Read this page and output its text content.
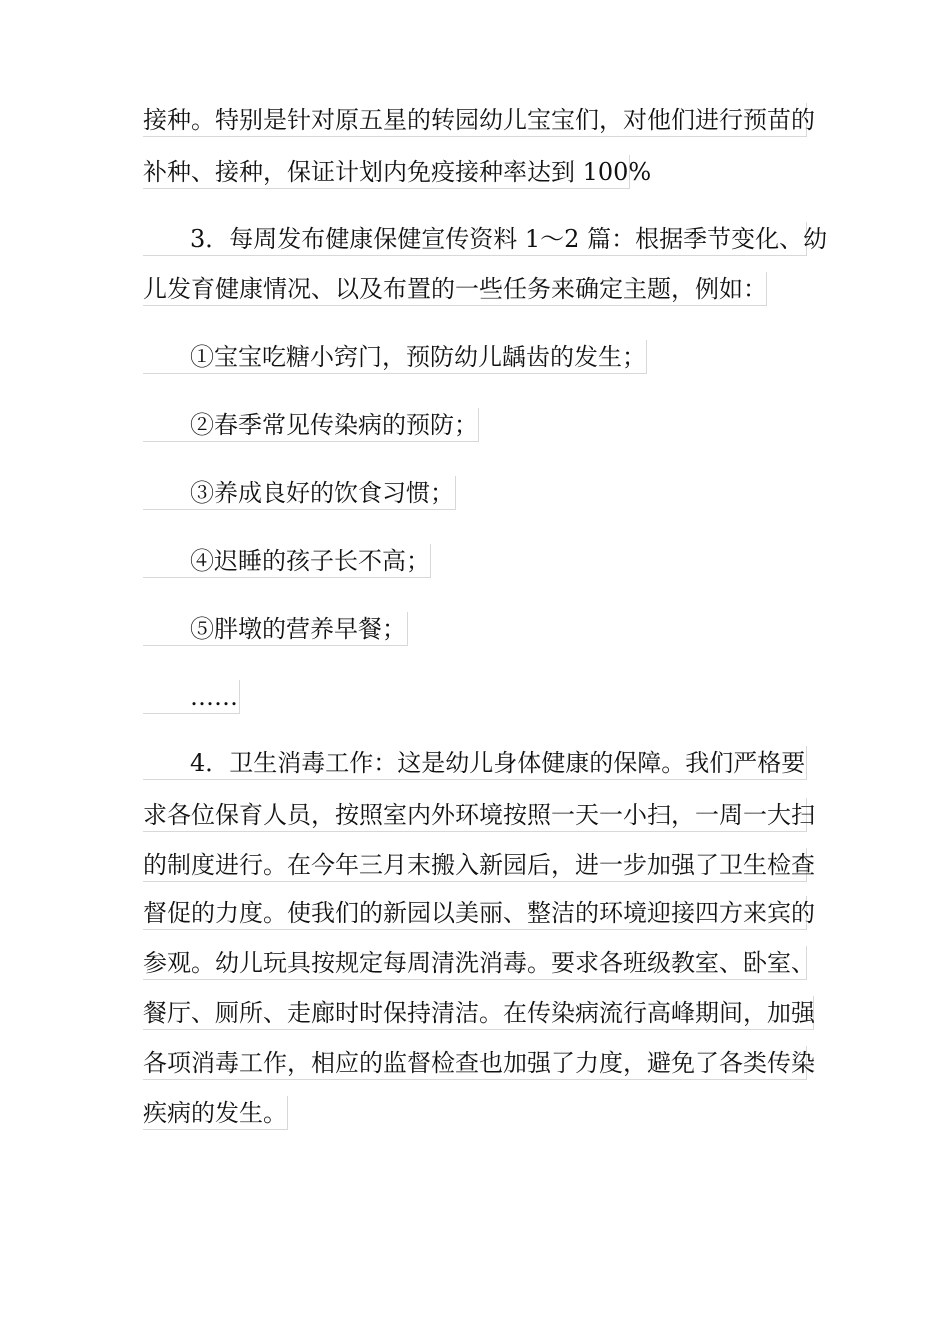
接种。特别是针对原五星的转园幼儿宝宝们，对他们进行预苗的
补种、接种，保证计划内免疫接种率达到 100%
3．每周发布健康保健宣传资料 1～2 篇：根据季节变化、幼
儿发育健康情况、以及布置的一些任务来确定主题，例如：
①宝宝吃糖小窍门，预防幼儿龋齿的发生；
②春季常见传染病的预防；
③养成良好的饮食习惯；
④迟睡的孩子长不高；
⑤胖墩的营养早餐；
……
4．卫生消毒工作：这是幼儿身体健康的保障。我们严格要
求各位保育人员，按照室内外环境按照一天一小扫，一周一大扫
的制度进行。在今年三月末搬入新园后，进一步加强了卫生检查
督促的力度。使我们的新园以美丽、整洁的环境迎接四方来宾的
参观。幼儿玩具按规定每周清洗消毒。要求各班级教室、卧室、
餐厅、厕所、走廊时时保持清洁。在传染病流行高峰期间，加强
各项消毒工作，相应的监督检查也加强了力度，避免了各类传染
疾病的发生。
